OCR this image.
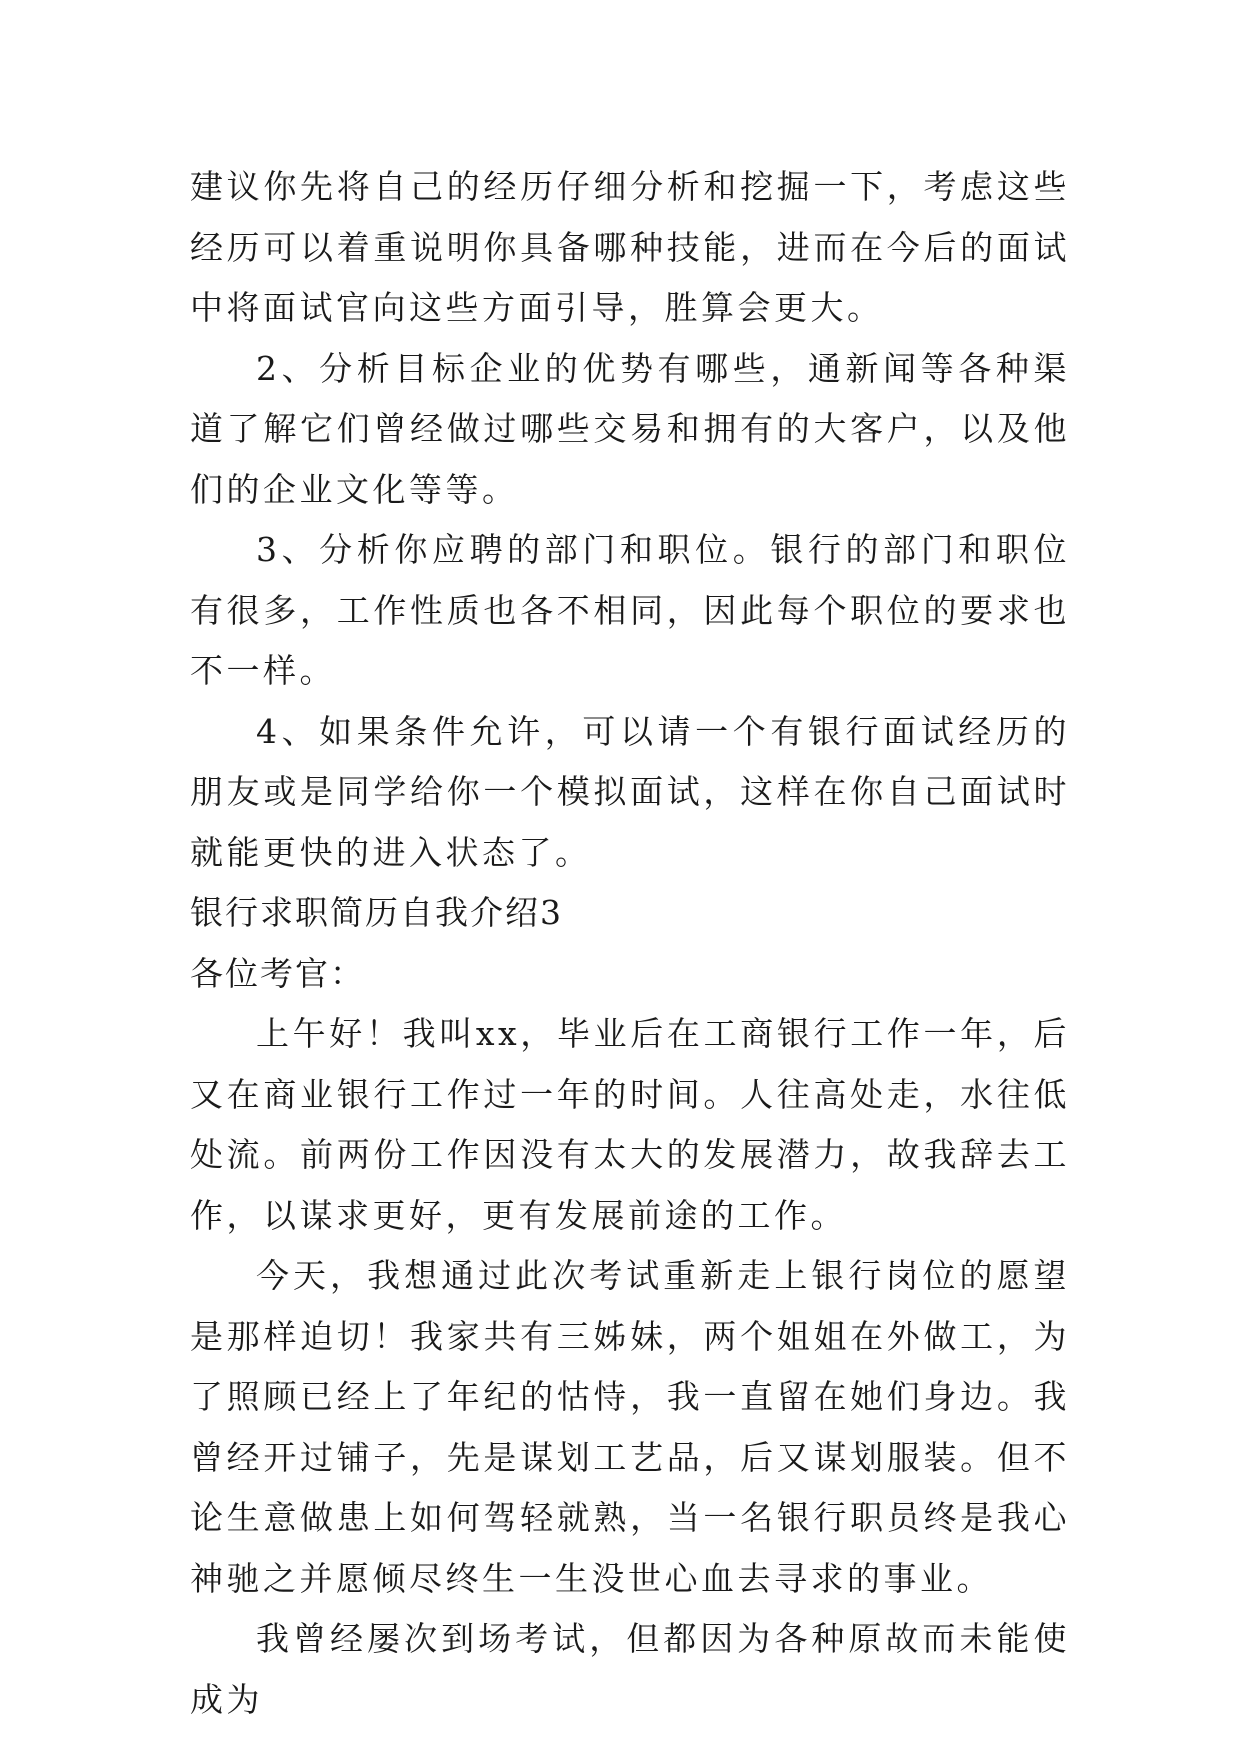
建议你先将自己的经历仔细分析和挖掘一下，考虑这些经历可以着重说明你具备哪种技能，进而在今后的面试中将面试官向这些方面引导，胜算会更大。

2、分析目标企业的优势有哪些，通新闻等各种渠道了解它们曾经做过哪些交易和拥有的大客户，以及他们的企业文化等等。

3、分析你应聘的部门和职位。银行的部门和职位有很多，工作性质也各不相同，因此每个职位的要求也不一样。

4、如果条件允许，可以请一个有银行面试经历的朋友或是同学给你一个模拟面试，这样在你自己面试时就能更快的进入状态了。

银行求职简历自我介绍3

各位考官：

上午好！我叫xx，毕业后在工商银行工作一年，后又在商业银行工作过一年的时间。人往高处走，水往低处流。前两份工作因没有太大的发展潜力，故我辞去工作，以谋求更好，更有发展前途的工作。

今天，我想通过此次考试重新走上银行岗位的愿望是那样迫切！我家共有三姊妹，两个姐姐在外做工，为了照顾已经上了年纪的怙恃，我一直留在她们身边。我曾经开过铺子，先是谋划工艺品，后又谋划服装。但不论生意做患上如何驾轻就熟，当一名银行职员终是我心神驰之并愿倾尽终生一生没世心血去寻求的事业。

我曾经屡次到场考试，但都因为各种原故而未能使成为
